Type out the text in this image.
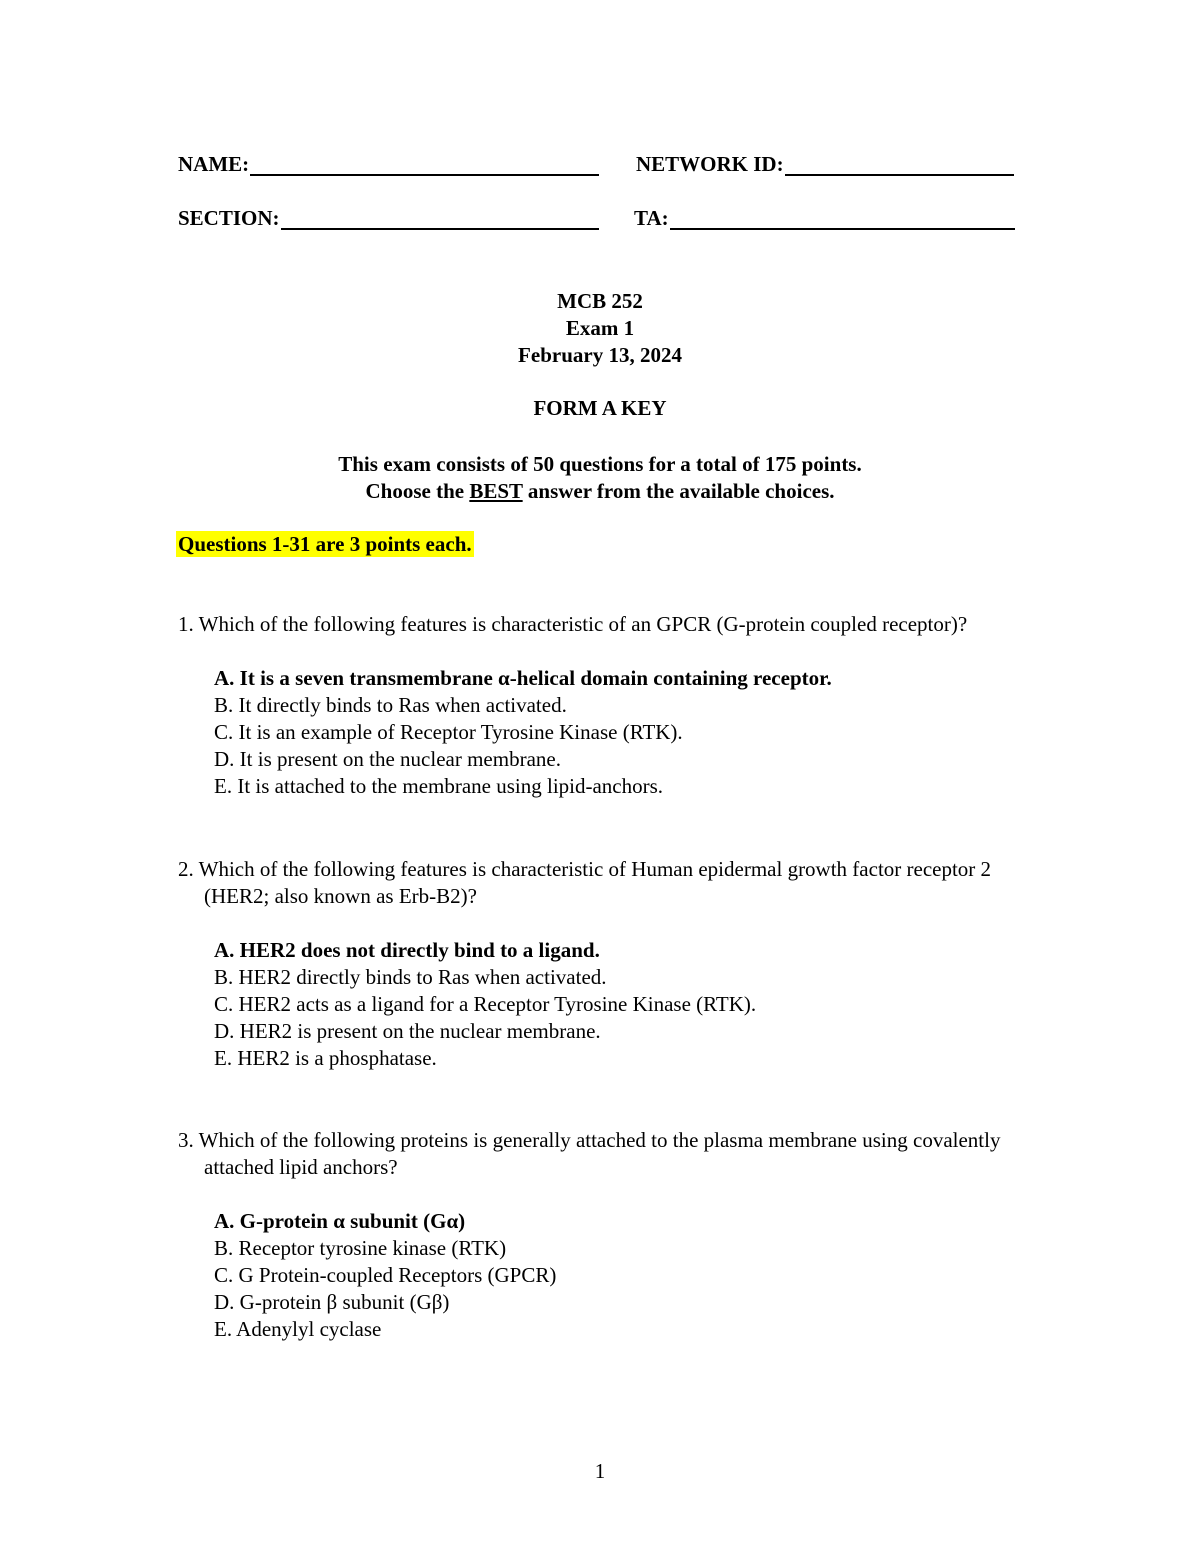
NAME:	NETWORK ID:
SECTION:	TA:
MCB 252
Exam 1
February 13, 2024
FORM A KEY
This exam consists of 50 questions for a total of 175 points.
Choose the BEST answer from the available choices.
Questions 1-31 are 3 points each.

1. Which of the following features is characteristic of an GPCR (G-protein coupled receptor)?

A. It is a seven transmembrane α-helical domain containing receptor.
B. It directly binds to Ras when activated.
C. It is an example of Receptor Tyrosine Kinase (RTK).
D. It is present on the nuclear membrane.
E. It is attached to the membrane using lipid-anchors.

2. Which of the following features is characteristic of Human epidermal growth factor receptor 2 (HER2; also known as Erb-B2)?

A. HER2 does not directly bind to a ligand.
B. HER2 directly binds to Ras when activated.
C. HER2 acts as a ligand for a Receptor Tyrosine Kinase (RTK).
D. HER2 is present on the nuclear membrane.
E. HER2 is a phosphatase.

3. Which of the following proteins is generally attached to the plasma membrane using covalently attached lipid anchors?

A. G-protein α subunit (Gα)
B. Receptor tyrosine kinase (RTK)
C. G Protein-coupled Receptors (GPCR)
D. G-protein β subunit (Gβ)
E. Adenylyl cyclase
1
